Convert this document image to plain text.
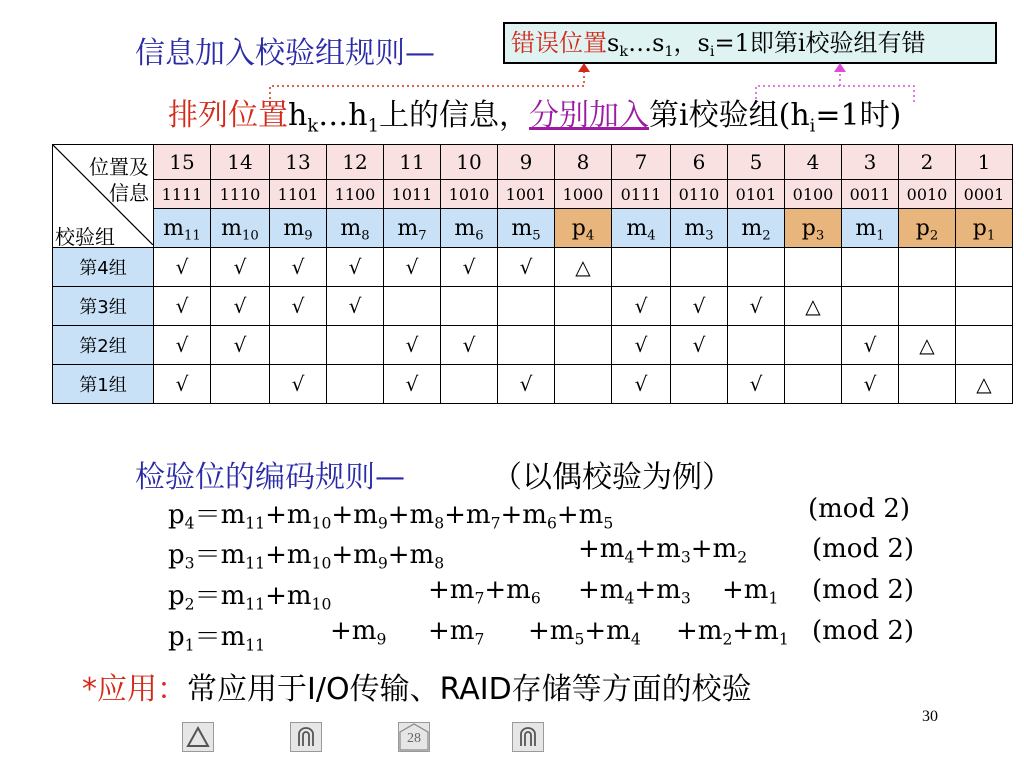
信息加入校验组规则—	错误位置$s_k\dots s_1$，$s_i=1$即第i校验组有错
排列位置$h_k\dots h_1$上的信息，分别加入第i校验组($h_i=1$时)
位置及
信息
校验组	15	14	13	12	11	10	9	8	7	6	5	4	3	2	1
	1111	1110	1101	1100	1011	1010	1001	1000	0111	0110	0101	0100	0011	0010	0001
	$m_{11}$	$m_{10}$	$m_9$	$m_8$	$m_7$	$m_6$	$m_5$	$p_4$	$m_4$	$m_3$	$m_2$	$p_3$	$m_1$	$p_2$	$p_1$
第4组	√	√	√	√	√	√	√	△							
第3组	√	√	√	√					√	√	√	△			
第2组	√	√			√	√			√	√			√	△	
第1组	√		√		√		√		√		√		√		△
检验位的编码规则—	（以偶校验为例）
$p_4=m_{11}+m_{10}+m_9+m_8+m_7+m_6+m_5$	(mod 2)
$p_3=m_{11}+m_{10}+m_9+m_8$	$+m_4+m_3+m_2$ (mod 2)
$p_2=m_{11}+m_{10}$	$+m_7+m_6 +m_4+m_3 +m_1$ (mod 2)
$p_1=m_{11} +m_9 +m_7 +m_5+m_4 +m_2+m_1$ (mod 2)
*应用：常应用于I/O传输、RAID存储等方面的校验
30
28
